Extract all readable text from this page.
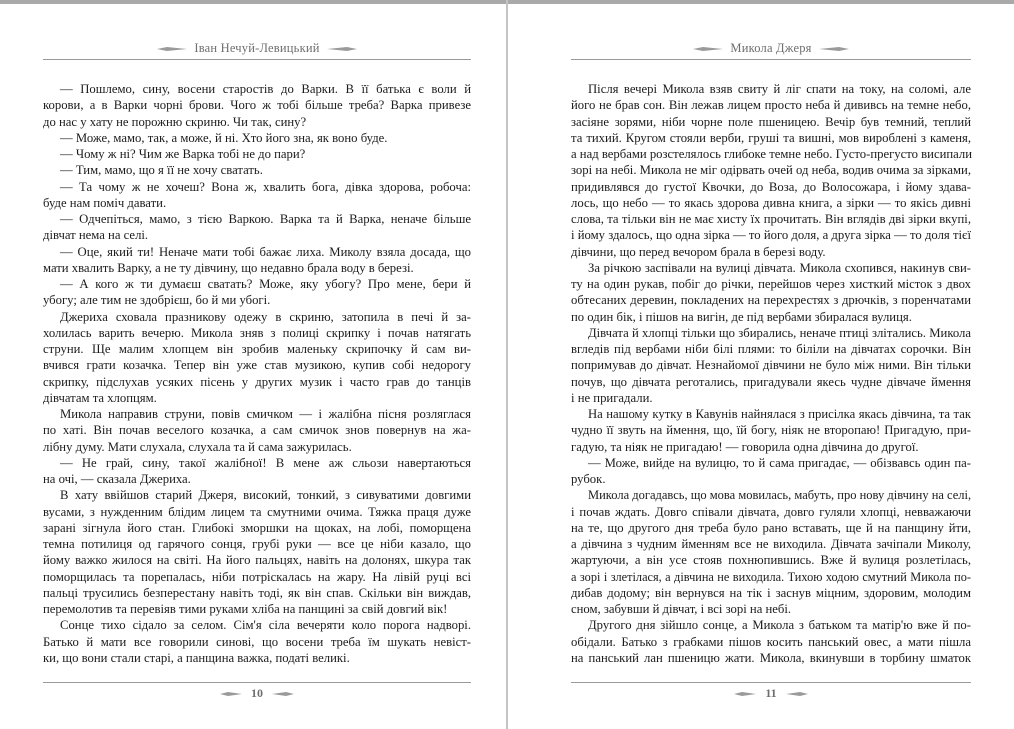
Іван Нечуй-Левицький
— Пошлемо, сину, восени старостів до Варки. В її батька є воли й
корови, а в Варки чорні брови. Чого ж тобі більше треба? Варка привезе
до нас у хату не порожню скриню. Чи так, сину?
— Може, мамо, так, а може, й ні. Хто його зна, як воно буде.
— Чому ж ні? Чим же Варка тобі не до пари?
— Тим, мамо, що я її не хочу сватать.
— Та чому ж не хочеш? Вона ж, хвалить бога, дівка здорова, робоча:
буде нам поміч давати.
— Одчепіться, мамо, з тією Варкою. Варка та й Варка, неначе більше
дівчат нема на селі.
— Оце, який ти! Неначе мати тобі бажає лиха. Миколу взяла досада, що
мати хвалить Варку, а не ту дівчину, що недавно брала воду в березі.
— А кого ж ти думаєш сватать? Може, яку убогу? Про мене, бери й
убогу; але тим не здобрієш, бо й ми убогі.
Джериха сховала празникову одежу в скриню, затопила в печі й за-
холилась варить вечерю. Микола зняв з полиці скрипку і почав натягать
струни. Ще малим хлопцем він зробив маленьку скрипочку й сам ви-
вчився грати козачка. Тепер він уже став музикою, купив собі недорогу
скрипку, підслухав усяких пісень у других музик і часто грав до танців
дівчатам та хлопцям.
Микола направив струни, повів смичком — і жалібна пісня розляглася
по хаті. Він почав веселого козачка, а сам смичок знов повернув на жа-
лібну думу. Мати слухала, слухала та й сама зажурилась.
— Не грай, сину, такої жалібної! В мене аж сльози навертаються
на очі, — сказала Джериха.
В хату ввійшов старий Джеря, високий, тонкий, з сивуватими довгими
вусами, з нужденним блідим лицем та смутними очима. Тяжка праця дуже
зарані зігнула його стан. Глибокі зморшки на щоках, на лобі, поморщена
темна потилиця од гарячого сонця, грубі руки — все це ніби казало, що
йому важко жилося на світі. На його пальцях, навіть на долонях, шкура так
поморщилась та порепалась, ніби потріскалась на жару. На лівій руці всі
пальці трусились безперестану навіть тоді, як він спав. Скільки він виждав,
перемолотив та перевіяв тими руками хліба на панщині за свій довгий вік!
Сонце тихо сідало за селом. Сім'я сіла вечеряти коло порога надворі.
Батько й мати все говорили синові, що восени треба їм шукать невіст-
ки, що вони стали старі, а панщина важка, податі великі.
10
Микола Джеря
Після вечері Микола взяв свиту й ліг спати на току, на соломі, але
його не брав сон. Він лежав лицем просто неба й дививсь на темне небо,
засіяне зорями, ніби чорне поле пшеницею. Вечір був темний, теплий
та тихий. Кругом стояли верби, груші та вишні, мов вироблені з каменя,
а над вербами розстелялось глибоке темне небо. Густо-прегусто висипали
зорі на небі. Микола не міг одірвать очей од неба, водив очима за зірками,
придивлявся до густої Квочки, до Воза, до Волосожара, і йому здава-
лось, що небо — то якась здорова дивна книга, а зірки — то якісь дивні
слова, та тільки він не має хисту їх прочитать. Він вглядів дві зірки вкупі,
і йому здалось, що одна зірка — то його доля, а друга зірка — то доля тієї
дівчини, що перед вечором брала в березі воду.
За річкою заспівали на вулиці дівчата. Микола схопився, накинув сви-
ту на один рукав, побіг до річки, перейшов через хисткий місток з двох
обтесаних деревин, покладених на перехрестях з дрючків, з поренчатами
по один бік, і пішов на вигін, де під вербами збиралася вулиця.
Дівчата й хлопці тільки що збирались, неначе птиці злітались. Микола
вгледів під вербами ніби білі плями: то біліли на дівчатах сорочки. Він
попримував до дівчат. Незнайомої дівчини не було між ними. Він тільки
почув, що дівчата реготались, пригадували якесь чудне дівчаче ймення
і не пригадали.
На нашому кутку в Кавунів найнялася з присілка якась дівчина, та так
чудно її звуть на ймення, що, їй богу, ніяк не второпаю! Пригадую, при-
гадую, та ніяк не пригадаю! — говорила одна дівчина до другої.
— Може, вийде на вулицю, то й сама пригадає, — обізвавсь один па-
рубок.
Микола догадавсь, що мова мовилась, мабуть, про нову дівчину на селі,
і почав ждать. Довго співали дівчата, довго гуляли хлопці, невважаючи
на те, що другого дня треба було рано вставать, ще й на панщину йти,
а дівчина з чудним йменням все не виходила. Дівчата зачіпали Миколу,
жартуючи, а він усе стояв похнюпившись. Вже й вулиця розлетілась,
а зорі і злетілася, а дівчина не виходила. Тихою ходою смутний Микола по-
дибав додому; він вернувся на тік і заснув міцним, здоровим, молодим
сном, забувши й дівчат, і всі зорі на небі.
Другого дня зійшло сонце, а Микола з батьком та матір'ю вже й по-
обідали. Батько з грабками пішов косить панський овес, а мати пішла
на панський лан пшеницю жати. Микола, вкинувши в торбину шматок
11
